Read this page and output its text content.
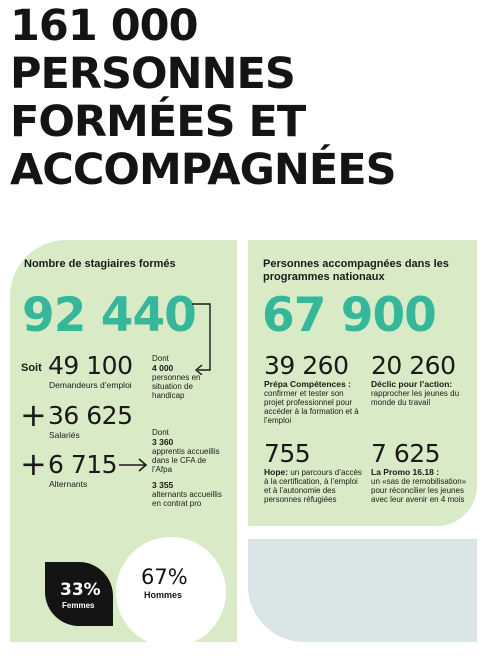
161 000
PERSONNES
FORMÉES ET
ACCOMPAGNÉES
Nombre de stagiaires formés
92 440
Soit 49 100
Demandeurs d’emploi
Dont
4 000
personnes en situation de handicap
+ 36 625
Salariés
+ 6 715
Alternants
Dont
3 360
apprentis accueillis dans le CFA de l’Afpa
3 355
alternants accueillis en contrat pro
33%
Femmes
67%
Hommes
Personnes accompagnées dans les programmes nationaux
67 900
39 260
Prépa Compétences :
confirmer et tester son projet professionnel pour accéder à la formation et à l’emploi
20 260
Déclic pour l’action:
rapprocher les jeunes du monde du travail
755
Hope: un parcours d’accès à la certification, à l’emploi et à l’autonomie des personnes réfugiées
7 625
La Promo 16.18 :
un «sas de remobilisation» pour réconcilier les jeunes avec leur avenir en 4 mois
